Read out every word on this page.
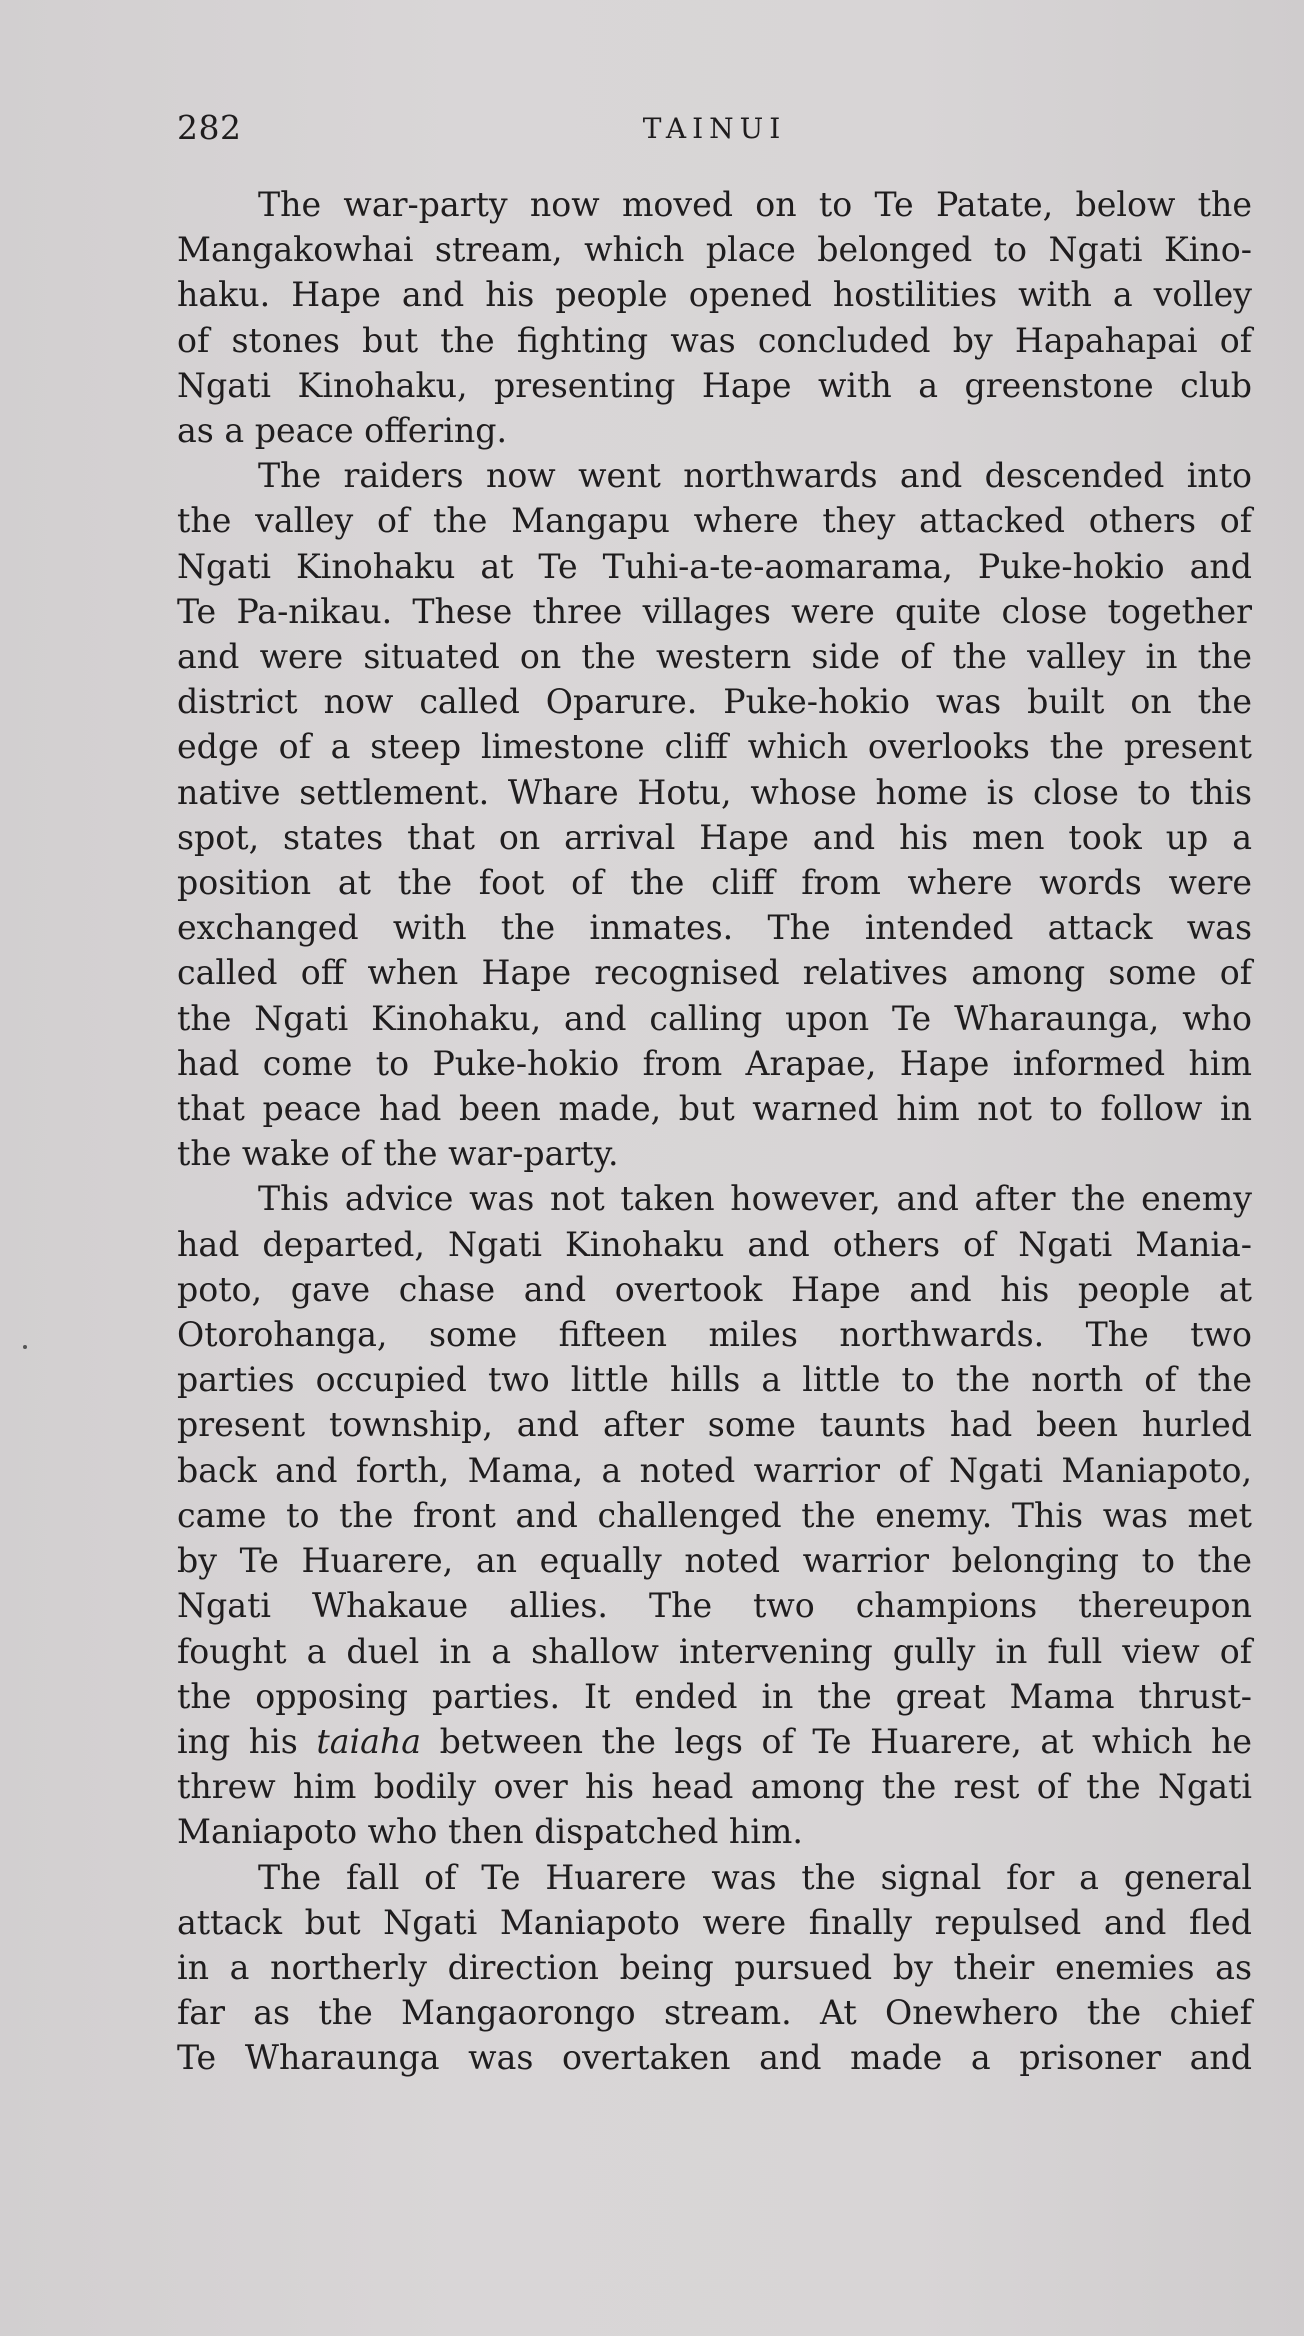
282	TAINUI

The war-party now moved on to Te Patate, below the
Mangakowhai stream, which place belonged to Ngati Kino-
haku. Hape and his people opened hostilities with a volley
of stones but the fighting was concluded by Hapahapai of
Ngati Kinohaku, presenting Hape with a greenstone club
as a peace offering.

The raiders now went northwards and descended into
the valley of the Mangapu where they attacked others of
Ngati Kinohaku at Te Tuhi-a-te-aomarama, Puke-hokio and
Te Pa-nikau. These three villages were quite close together
and were situated on the western side of the valley in the
district now called Oparure. Puke-hokio was built on the
edge of a steep limestone cliff which overlooks the present
native settlement. Whare Hotu, whose home is close to this
spot, states that on arrival Hape and his men took up a
position at the foot of the cliff from where words were
exchanged with the inmates. The intended attack was
called off when Hape recognised relatives among some of
the Ngati Kinohaku, and calling upon Te Wharaunga, who
had come to Puke-hokio from Arapae, Hape informed him
that peace had been made, but warned him not to follow in
the wake of the war-party.

This advice was not taken however, and after the enemy
had departed, Ngati Kinohaku and others of Ngati Mania-
poto, gave chase and overtook Hape and his people at
Otorohanga, some fifteen miles northwards. The two
parties occupied two little hills a little to the north of the
present township, and after some taunts had been hurled
back and forth, Mama, a noted warrior of Ngati Maniapoto,
came to the front and challenged the enemy. This was met
by Te Huarere, an equally noted warrior belonging to the
Ngati Whakaue allies. The two champions thereupon
fought a duel in a shallow intervening gully in full view of
the opposing parties. It ended in the great Mama thrust-
ing his taiaha between the legs of Te Huarere, at which he
threw him bodily over his head among the rest of the Ngati
Maniapoto who then dispatched him.

The fall of Te Huarere was the signal for a general
attack but Ngati Maniapoto were finally repulsed and fled
in a northerly direction being pursued by their enemies as
far as the Mangaorongo stream. At Onewhero the chief
Te Wharaunga was overtaken and made a prisoner and
